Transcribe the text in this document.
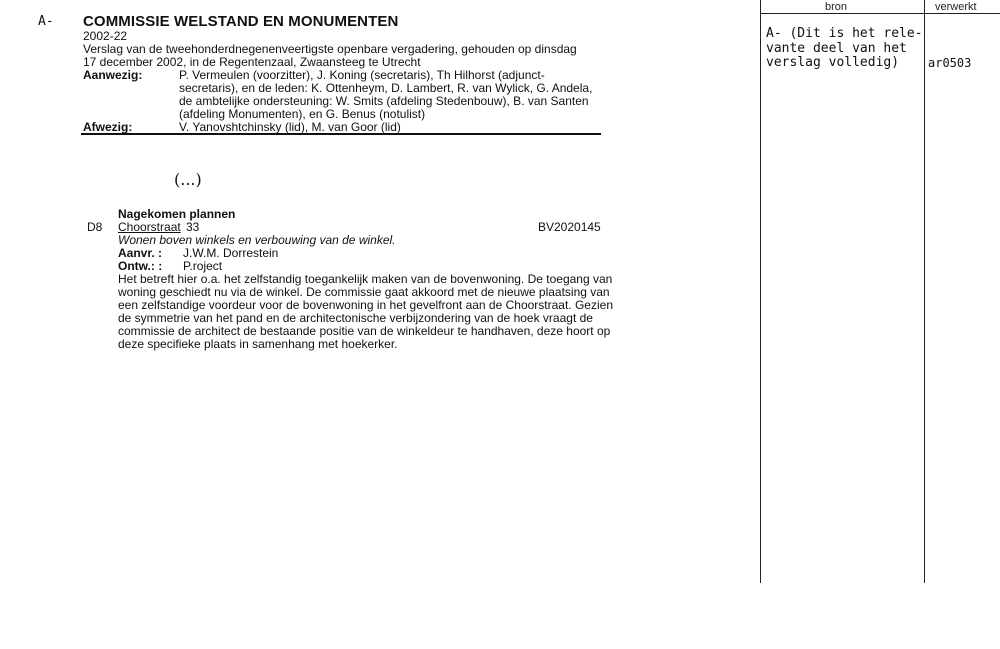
A- COMMISSIE WELSTAND EN MONUMENTEN
2002-22
Verslag van de tweehonderdnegenenveertigste openbare vergadering, gehouden op dinsdag
17 december 2002, in de Regentenzaal, Zwaansteeg te Utrecht
Aanwezig:	P. Vermeulen (voorzitter), J. Koning (secretaris), Th Hilhorst (adjunct-
secretaris), en de leden: K. Ottenheym, D. Lambert, R. van Wylick, G. Andela,
de ambtelijke ondersteuning: W. Smits (afdeling Stedenbouw), B. van Santen
(afdeling Monumenten), en G. Benus (notulist)
Afwezig:	V. Yanovshtchinsky (lid), M. van Goor (lid)
(...)
Nagekomen plannen
D8 Choorstraat 33	BV2020145
Wonen boven winkels en verbouwing van de winkel.
Aanvr. : J.W.M. Dorrestein
Ontw.: : P.roject
Het betreft hier o.a. het zelfstandig toegankelijk maken van de bovenwoning. De toegang van
woning geschiedt nu via de winkel. De commissie gaat akkoord met de nieuwe plaatsing van
een zelfstandige voordeur voor de bovenwoning in het gevelfront aan de Choorstraat. Gezien
de symmetrie van het pand en de architectonische verbijzondering van de hoek vraagt de
commissie de architect de bestaande positie van de winkeldeur te handhaven, deze hoort op
deze specifieke plaats in samenhang met hoekerker.
bron	verwerkt
A- (Dit is het rele-
vante deel van het
verslag volledig)	ar0503
